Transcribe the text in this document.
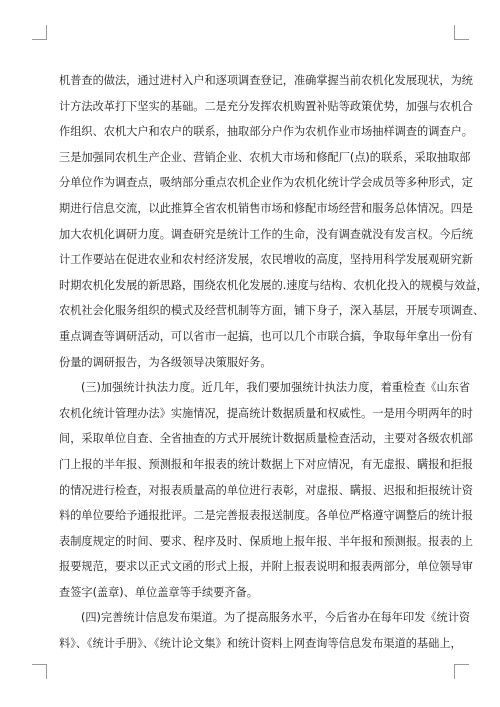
机普查的做法，通过进村入户和逐项调查登记，准确掌握当前农机化发展现状，为统
计方法改革打下坚实的基础。二是充分发挥农机购置补贴等政策优势，加强与农机合
作组织、农机大户和农户的联系，抽取部分户作为农机作业市场抽样调查的调查户。
三是加强同农机生产企业、营销企业、农机大市场和修配厂(点)的联系，采取抽取部
分单位作为调查点，吸纳部分重点农机企业作为农机化统计学会成员等多种形式，定
期进行信息交流，以此推算全省农机销售市场和修配市场经营和服务总体情况。四是
加大农机化调研力度。调查研究是统计工作的生命，没有调查就没有发言权。今后统
计工作要站在促进农业和农村经济发展，农民增收的高度，坚持用科学发展观研究新
时期农机化发展的新思路，围绕农机化发展的.速度与结构、农机化投入的规模与效益，
农机社会化服务组织的模式及经营机制等方面，铺下身子，深入基层，开展专项调查、
重点调查等调研活动，可以省市一起搞，也可以几个市联合搞，争取每年拿出一份有
份量的调研报告，为各级领导决策服好务。
(三)加强统计执法力度。近几年，我们要加强统计执法力度，着重检查《山东省
农机化统计管理办法》实施情况，提高统计数据质量和权威性。一是用今明两年的时
间，采取单位自查、全省抽查的方式开展统计数据质量检查活动，主要对各级农机部
门上报的半年报、预测报和年报表的统计数据上下对应情况，有无虚报、瞒报和拒报
的情况进行检查，对报表质量高的单位进行表彰，对虚报、瞒报、迟报和拒报统计资
料的单位要给予通报批评。二是完善报表报送制度。各单位严格遵守调整后的统计报
表制度规定的时间、要求、程序及时、保质地上报年报、半年报和预测报。报表的上
报要规范，要求以正式文函的形式上报，并附上报表说明和报表两部分，单位领导审
查签字(盖章)、单位盖章等手续要齐备。
(四)完善统计信息发布渠道。为了提高服务水平，今后省办在每年印发《统计资
料》、《统计手册》、《统计论文集》和统计资料上网查询等信息发布渠道的基础上，
